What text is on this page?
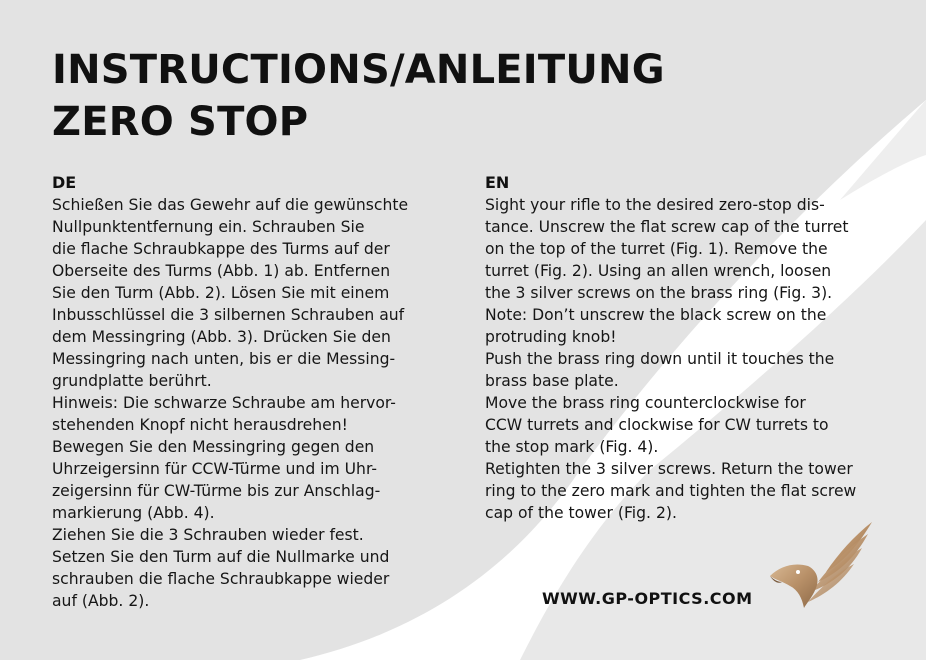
INSTRUCTIONS/ANLEITUNG
ZERO STOP

DE

Schießen Sie das Gewehr auf die gewünschte

Nullpunktentfernung ein. Schrauben Sie

die flache Schraubkappe des Turms auf der

Oberseite des Turms (Abb. 1) ab. Entfernen

Sie den Turm (Abb. 2). Lösen Sie mit einem

Inbusschlüssel die 3 silbernen Schrauben auf

dem Messingring (Abb. 3). Drücken Sie den

Messingring nach unten, bis er die Messing-

grundplatte berührt.

Hinweis: Die schwarze Schraube am hervor-

stehenden Knopf nicht herausdrehen!

Bewegen Sie den Messingring gegen den

Uhrzeigersinn für CCW-Türme und im Uhr-

zeigersinn für CW-Türme bis zur Anschlag-

markierung (Abb. 4).

Ziehen Sie die 3 Schrauben wieder fest.

Setzen Sie den Turm auf die Nullmarke und

schrauben die flache Schraubkappe wieder

auf (Abb. 2).

EN

Sight your rifle to the desired zero-stop dis-

tance. Unscrew the flat screw cap of the turret

on the top of the turret (Fig. 1). Remove the

turret (Fig. 2). Using an allen wrench, loosen

the 3 silver screws on the brass ring (Fig. 3).

Note: Don’t unscrew the black screw on the

protruding knob!

Push the brass ring down until it touches the

brass base plate.

Move the brass ring counterclockwise for

CCW turrets and clockwise for CW turrets to

the stop mark (Fig. 4).

Retighten the 3 silver screws. Return the tower

ring to the zero mark and tighten the flat screw

cap of the tower (Fig. 2).

WWW.GP-OPTICS.COM
